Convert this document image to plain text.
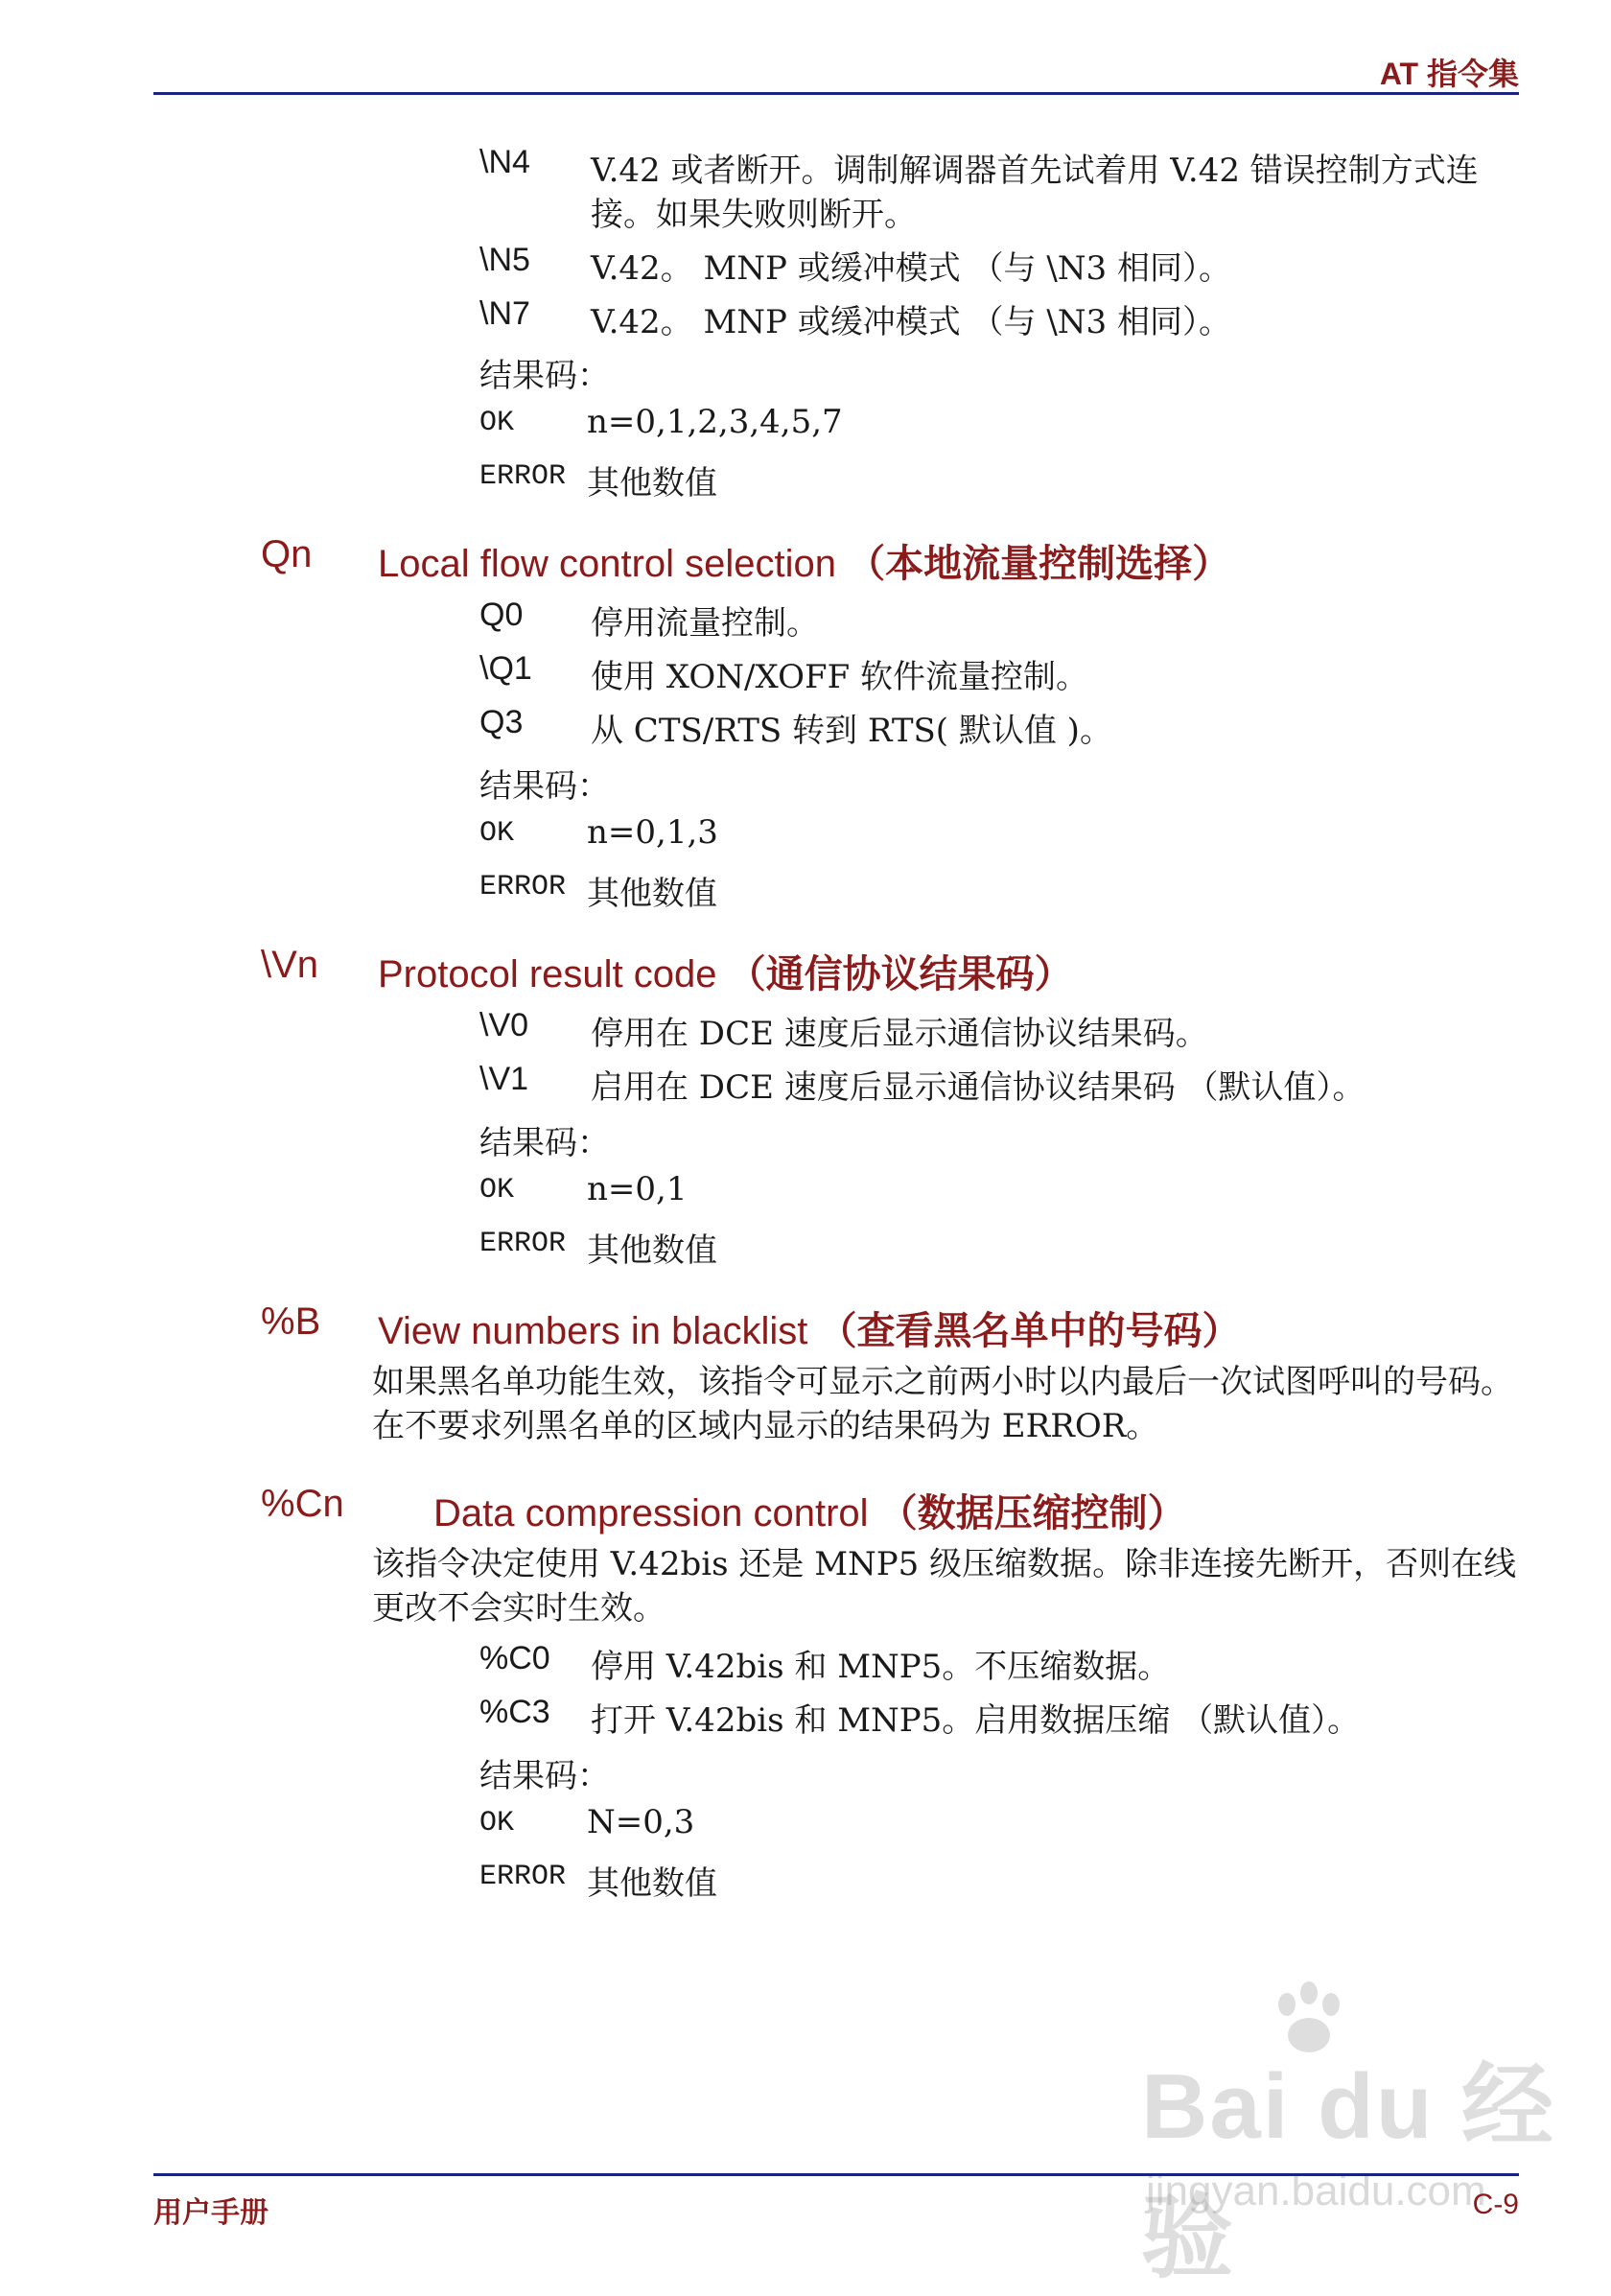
AT 指令集
\N4 V.42 或者断开。调制解调器首先试着用 V.42 错误控制方式连
接。如果失败则断开。
\N5 V.42。 MNP 或缓冲模式 （与 \N3 相同）。
\N7 V.42。 MNP 或缓冲模式 （与 \N3 相同）。
结果码：
OK n=0,1,2,3,4,5,7
ERROR 其他数值
Qn Local flow control selection （本地流量控制选择）
Q0 停用流量控制。
\Q1 使用 XON/XOFF 软件流量控制。
Q3 从 CTS/RTS 转到 RTS( 默认值 )。
结果码：
OK n=0,1,3
ERROR 其他数值
\Vn Protocol result code （通信协议结果码）
\V0 停用在 DCE 速度后显示通信协议结果码。
\V1 启用在 DCE 速度后显示通信协议结果码 （默认值）。
结果码：
OK n=0,1
ERROR 其他数值
%B View numbers in blacklist （查看黑名单中的号码）
如果黑名单功能生效，该指令可显示之前两小时以内最后一次试图呼叫的号码。在不要求列黑名单的区域内显示的结果码为 ERROR。
%Cn Data compression control （数据压缩控制）
该指令决定使用 V.42bis 还是 MNP5 级压缩数据。除非连接先断开，否则在线更改不会实时生效。
%C0 停用 V.42bis 和 MNP5。不压缩数据。
%C3 打开 V.42bis 和 MNP5。启用数据压缩 （默认值）。
结果码：
OK N=0,3
ERROR 其他数值
Bai du 经验
jingyan.baidu.com
用户手册	C-9
